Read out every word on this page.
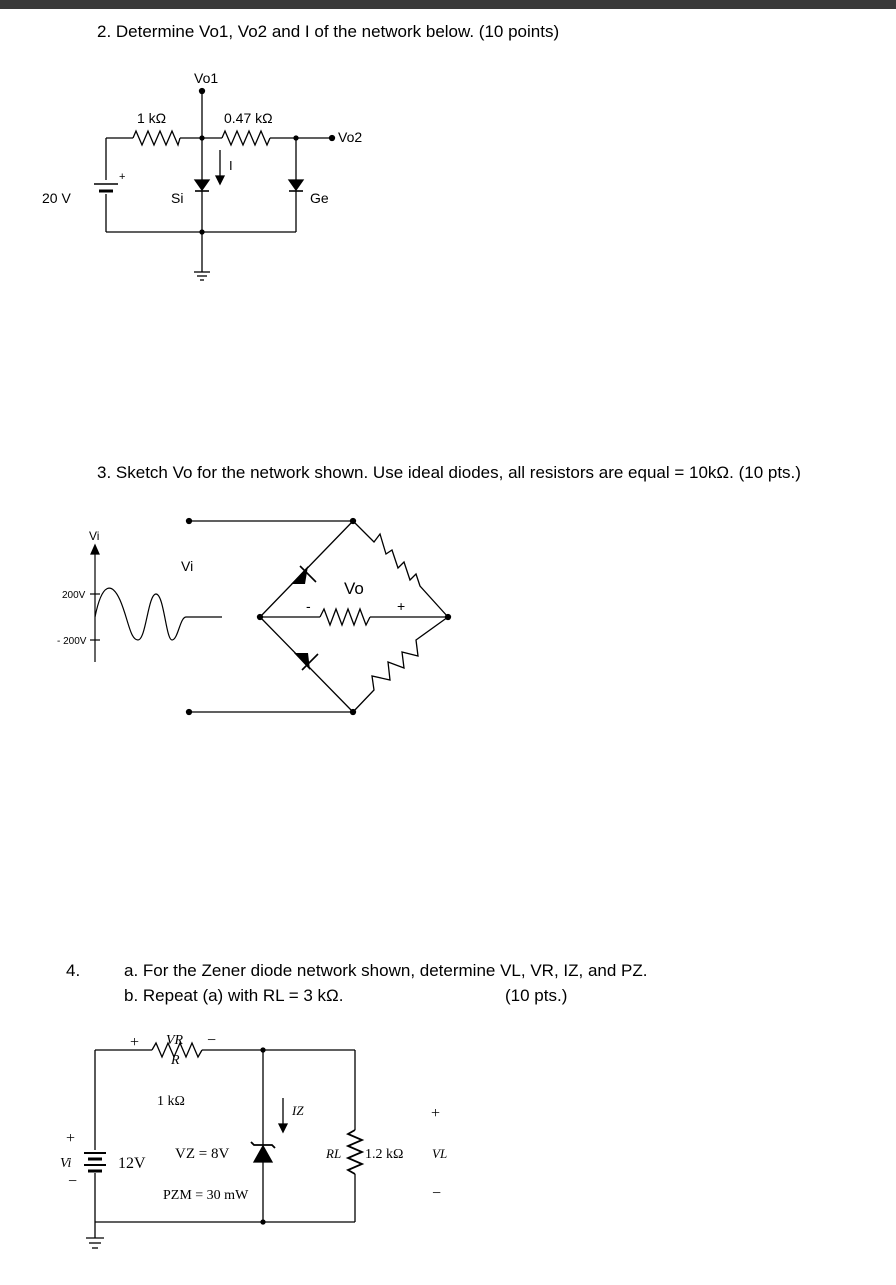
2. Determine Vo1, Vo2 and I of the network below. (10 points)
3. Sketch Vo for the network shown. Use ideal diodes, all resistors are equal = 10kΩ. (10 pts.)
4.	a. For the Zener diode network shown, determine VL, VR, IZ, and PZ.
b. Repeat (a) with RL = 3 kΩ.	(10 pts.)
Vo1
1 kΩ	0.47 kΩ
Vo2
20 V
+
Si	Ge
I
Vi
200V
- 200V
Vi
Vo
-	+
+ VR −
R
1 kΩ
Vi
+
−
12V
VZ = 8V
PZM = 30 mW
IZ
RL 1.2 kΩ VL
+
−
